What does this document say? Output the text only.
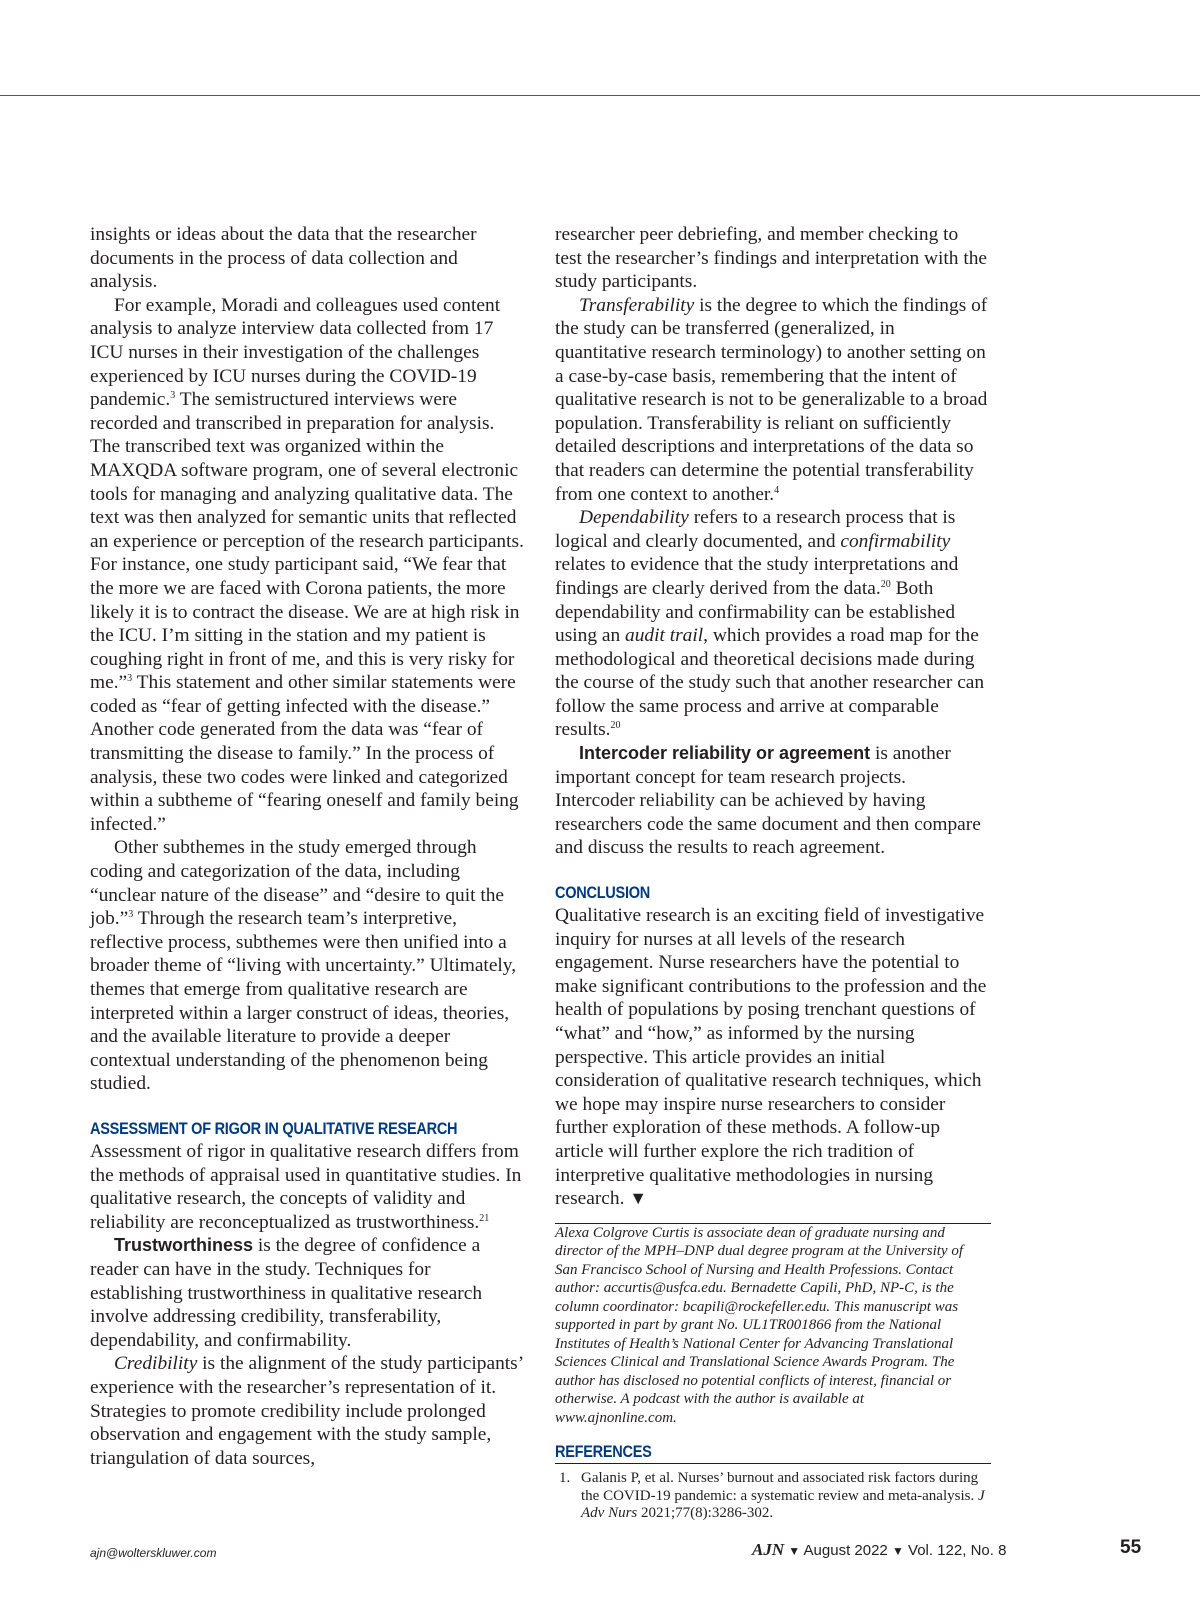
insights or ideas about the data that the researcher documents in the process of data collection and analysis.

For example, Moradi and colleagues used content analysis to analyze interview data collected from 17 ICU nurses in their investigation of the challenges experienced by ICU nurses during the COVID-19 pandemic.$^3$ The semistructured interviews were recorded and transcribed in preparation for analysis. The transcribed text was organized within the MAXQDA software program, one of several electronic tools for managing and analyzing qualitative data. The text was then analyzed for semantic units that reflected an experience or perception of the research participants. For instance, one study participant said, “We fear that the more we are faced with Corona patients, the more likely it is to contract the disease. We are at high risk in the ICU. I’m sitting in the station and my patient is coughing right in front of me, and this is very risky for me.”$^3$ This statement and other similar statements were coded as “fear of getting infected with the disease.” Another code generated from the data was “fear of transmitting the disease to family.” In the process of analysis, these two codes were linked and categorized within a subtheme of “fearing oneself and family being infected.”

Other subthemes in the study emerged through coding and categorization of the data, including “unclear nature of the disease” and “desire to quit the job.”$^3$ Through the research team’s interpretive, reflective process, subthemes were then unified into a broader theme of “living with uncertainty.” Ultimately, themes that emerge from qualitative research are interpreted within a larger construct of ideas, theories, and the available literature to provide a deeper contextual understanding of the phenomenon being studied.

ASSESSMENT OF RIGOR IN QUALITATIVE RESEARCH

Assessment of rigor in qualitative research differs from the methods of appraisal used in quantitative studies. In qualitative research, the concepts of validity and reliability are reconceptualized as trustworthiness.$^{21}$

Trustworthiness is the degree of confidence a reader can have in the study. Techniques for establishing trustworthiness in qualitative research involve addressing credibility, transferability, dependability, and confirmability.

Credibility is the alignment of the study participants’ experience with the researcher’s representation of it. Strategies to promote credibility include prolonged observation and engagement with the study sample, triangulation of data sources,

researcher peer debriefing, and member checking to test the researcher’s findings and interpretation with the study participants.

Transferability is the degree to which the findings of the study can be transferred (generalized, in quantitative research terminology) to another setting on a case-by-case basis, remembering that the intent of qualitative research is not to be generalizable to a broad population. Transferability is reliant on sufficiently detailed descriptions and interpretations of the data so that readers can determine the potential transferability from one context to another.$^4$

Dependability refers to a research process that is logical and clearly documented, and confirmability relates to evidence that the study interpretations and findings are clearly derived from the data.$^{20}$ Both dependability and confirmability can be established using an audit trail, which provides a road map for the methodological and theoretical decisions made during the course of the study such that another researcher can follow the same process and arrive at comparable results.$^{20}$

Intercoder reliability or agreement is another important concept for team research projects. Intercoder reliability can be achieved by having researchers code the same document and then compare and discuss the results to reach agreement.

CONCLUSION

Qualitative research is an exciting field of investigative inquiry for nurses at all levels of the research engagement. Nurse researchers have the potential to make significant contributions to the profession and the health of populations by posing trenchant questions of “what” and “how,” as informed by the nursing perspective. This article provides an initial consideration of qualitative research techniques, which we hope may inspire nurse researchers to consider further exploration of these methods. A follow-up article will further explore the rich tradition of interpretive qualitative methodologies in nursing research. ▼

Alexa Colgrove Curtis is associate dean of graduate nursing and director of the MPH–DNP dual degree program at the University of San Francisco School of Nursing and Health Professions. Contact author: accurtis@usfca.edu. Bernadette Capili, PhD, NP-C, is the column coordinator: bcapili@rockefeller.edu. This manuscript was supported in part by grant No. UL1TR001866 from the National Institutes of Health’s National Center for Advancing Translational Sciences Clinical and Translational Science Awards Program. The author has disclosed no potential conflicts of interest, financial or otherwise. A podcast with the author is available at www.ajnonline.com.

REFERENCES

1. Galanis P, et al. Nurses’ burnout and associated risk factors during the COVID-19 pandemic: a systematic review and meta-analysis. J Adv Nurs 2021;77(8):3286-302.
ajn@wolterskluwer.com	AJN ▼ August 2022 ▼ Vol. 122, No. 8	55
